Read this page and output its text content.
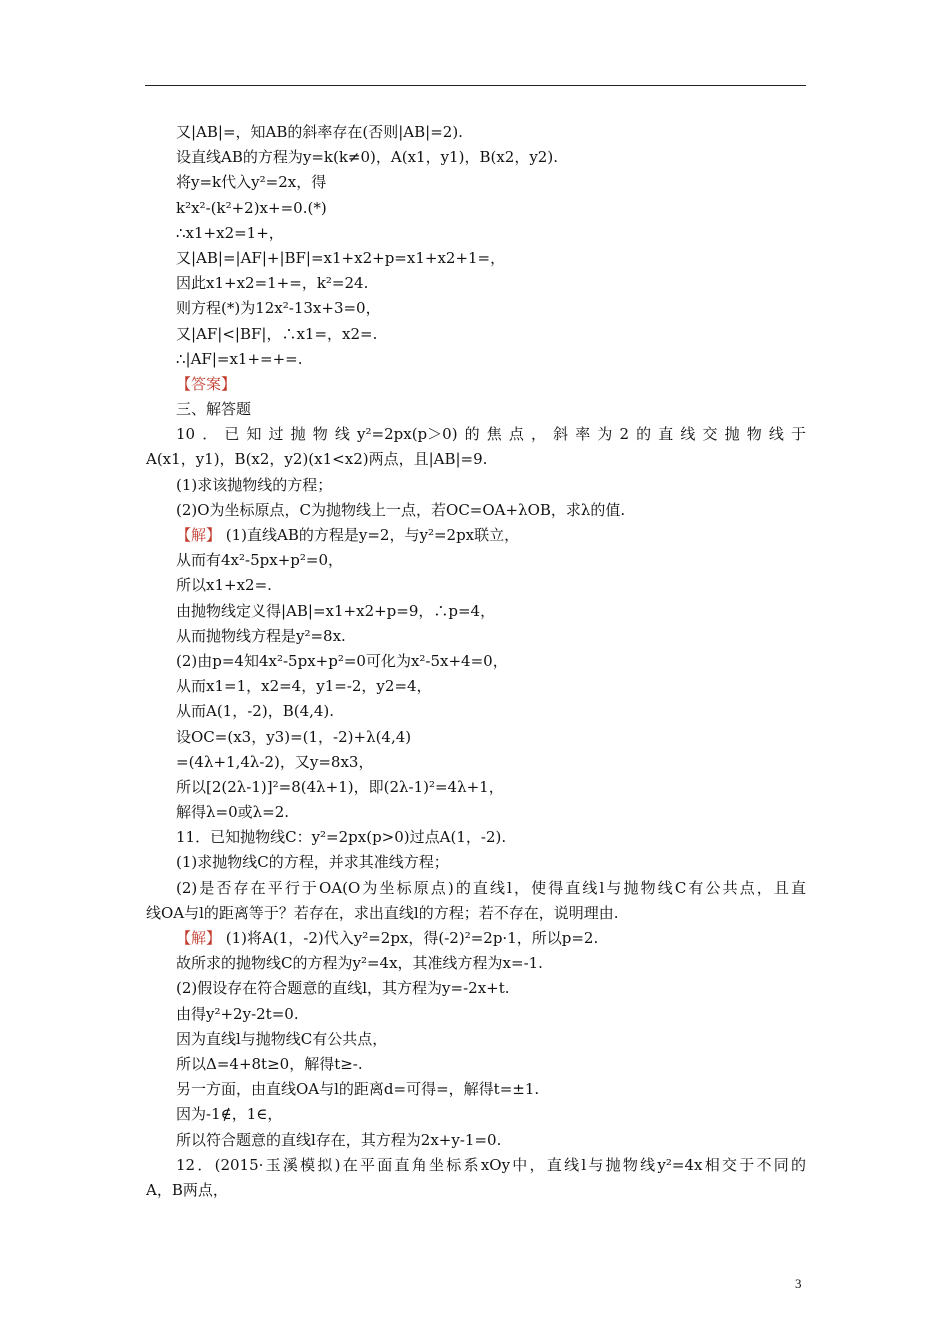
又|AB|=，知AB的斜率存在(否则|AB|=2).
设直线AB的方程为y=k(k≠0)，A(x1，y1)，B(x2，y2).
将y=k代入y²=2x，得
k²x²-(k²+2)x+=0.(*)
∴x1+x2=1+，
又|AB|=|AF|+|BF|=x1+x2+p=x1+x2+1=，
因此x1+x2=1+=，k²=24.
则方程(*)为12x²-13x+3=0，
又|AF|<|BF|，∴x1=，x2=.
∴|AF|=x1+=+=.
【答案】
三、解答题
10．已知过抛物线y²=2px(p＞0)的焦点，斜率为2的直线交抛物线于
A(x1，y1)，B(x2，y2)(x1<x2)两点，且|AB|=9.
(1)求该抛物线的方程；
(2)O为坐标原点，C为抛物线上一点，若OC=OA+λOB，求λ的值.
【解】 (1)直线AB的方程是y=2，与y²=2px联立，
从而有4x²-5px+p²=0，
所以x1+x2=.
由抛物线定义得|AB|=x1+x2+p=9，∴p=4，
从而抛物线方程是y²=8x.
(2)由p=4知4x²-5px+p²=0可化为x²-5x+4=0，
从而x1=1，x2=4，y1=-2，y2=4，
从而A(1，-2)，B(4,4).
设OC=(x3，y3)=(1，-2)+λ(4,4)
=(4λ+1,4λ-2)，又y=8x3，
所以[2(2λ-1)]²=8(4λ+1)，即(2λ-1)²=4λ+1，
解得λ=0或λ=2.
11．已知抛物线C：y²=2px(p>0)过点A(1，-2).
(1)求抛物线C的方程，并求其准线方程；
(2)是否存在平行于OA(O为坐标原点)的直线l，使得直线l与抛物线C有公共点，且直
线OA与l的距离等于？若存在，求出直线l的方程；若不存在，说明理由.
【解】 (1)将A(1，-2)代入y²=2px，得(-2)²=2p·1，所以p=2.
故所求的抛物线C的方程为y²=4x，其准线方程为x=-1.
(2)假设存在符合题意的直线l，其方程为y=-2x+t.
由得y²+2y-2t=0.
因为直线l与抛物线C有公共点，
所以Δ=4+8t≥0，解得t≥-.
另一方面，由直线OA与l的距离d=可得=，解得t=±1.
因为-1∉，1∈，
所以符合题意的直线l存在，其方程为2x+y-1=0.
12．(2015·玉溪模拟)在平面直角坐标系xOy中，直线l与抛物线y²=4x相交于不同的
A，B两点，
3
